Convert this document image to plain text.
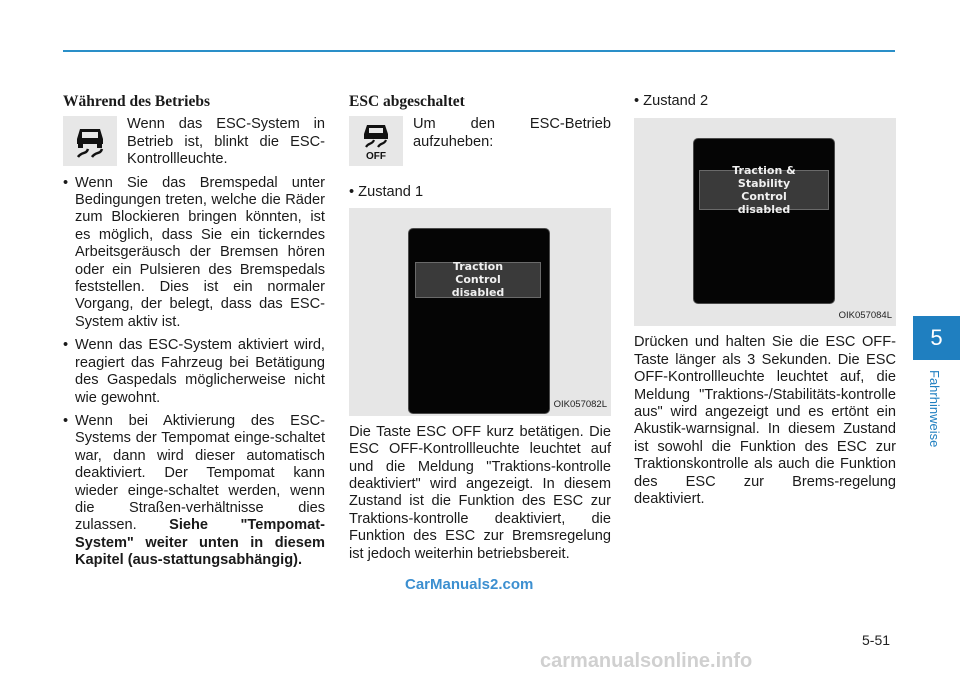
Während des Betriebs
Wenn das ESC-System in Betrieb ist, blinkt die ESC-Kontrollleuchte.
• Wenn Sie das Bremspedal unter Bedingungen treten, welche die Räder zum Blockieren bringen könnten, ist es möglich, dass Sie ein tickerndes Arbeitsgeräusch der Bremsen hören oder ein Pulsieren des Bremspedals feststellen. Dies ist ein normaler Vorgang, der belegt, dass das ESC-System aktiv ist.
• Wenn das ESC-System aktiviert wird, reagiert das Fahrzeug bei Betätigung des Gaspedals möglicherweise nicht wie gewohnt.
• Wenn bei Aktivierung des ESC-Systems der Tempomat einge-schaltet war, dann wird dieser automatisch deaktiviert. Der Tempomat kann wieder einge-schaltet werden, wenn die Straßen-verhältnisse dies zulassen. Siehe "Tempomat-System" weiter unten in diesem Kapitel (aus-stattungsabhängig).
ESC abgeschaltet
OFF
Um den ESC-Betrieb aufzuheben:
• Zustand 1
Traction Control disabled
OIK057082L

Die Taste ESC OFF kurz betätigen. Die ESC OFF-Kontrollleuchte leuchtet auf und die Meldung "Traktions-kontrolle deaktiviert" wird angezeigt. In diesem Zustand ist die Funktion des ESC zur Traktions-kontrolle deaktiviert, die Funktion des ESC zur Bremsregelung ist jedoch weiterhin betriebsbereit.

• Zustand 2
Traction & Stability Control disabled
OIK057084L

Drücken und halten Sie die ESC OFF-Taste länger als 3 Sekunden. Die ESC OFF-Kontrollleuchte leuchtet auf, die Meldung "Traktions-/Stabilitäts-kontrolle aus" wird angezeigt und es ertönt ein Akustik-warnsignal. In diesem Zustand ist sowohl die Funktion des ESC zur Traktionskontrolle als auch die Funktion des ESC zur Brems-regelung deaktiviert.

5
Fahrhinweise
5-51
CarManuals2.com
carmanualsonline.info
